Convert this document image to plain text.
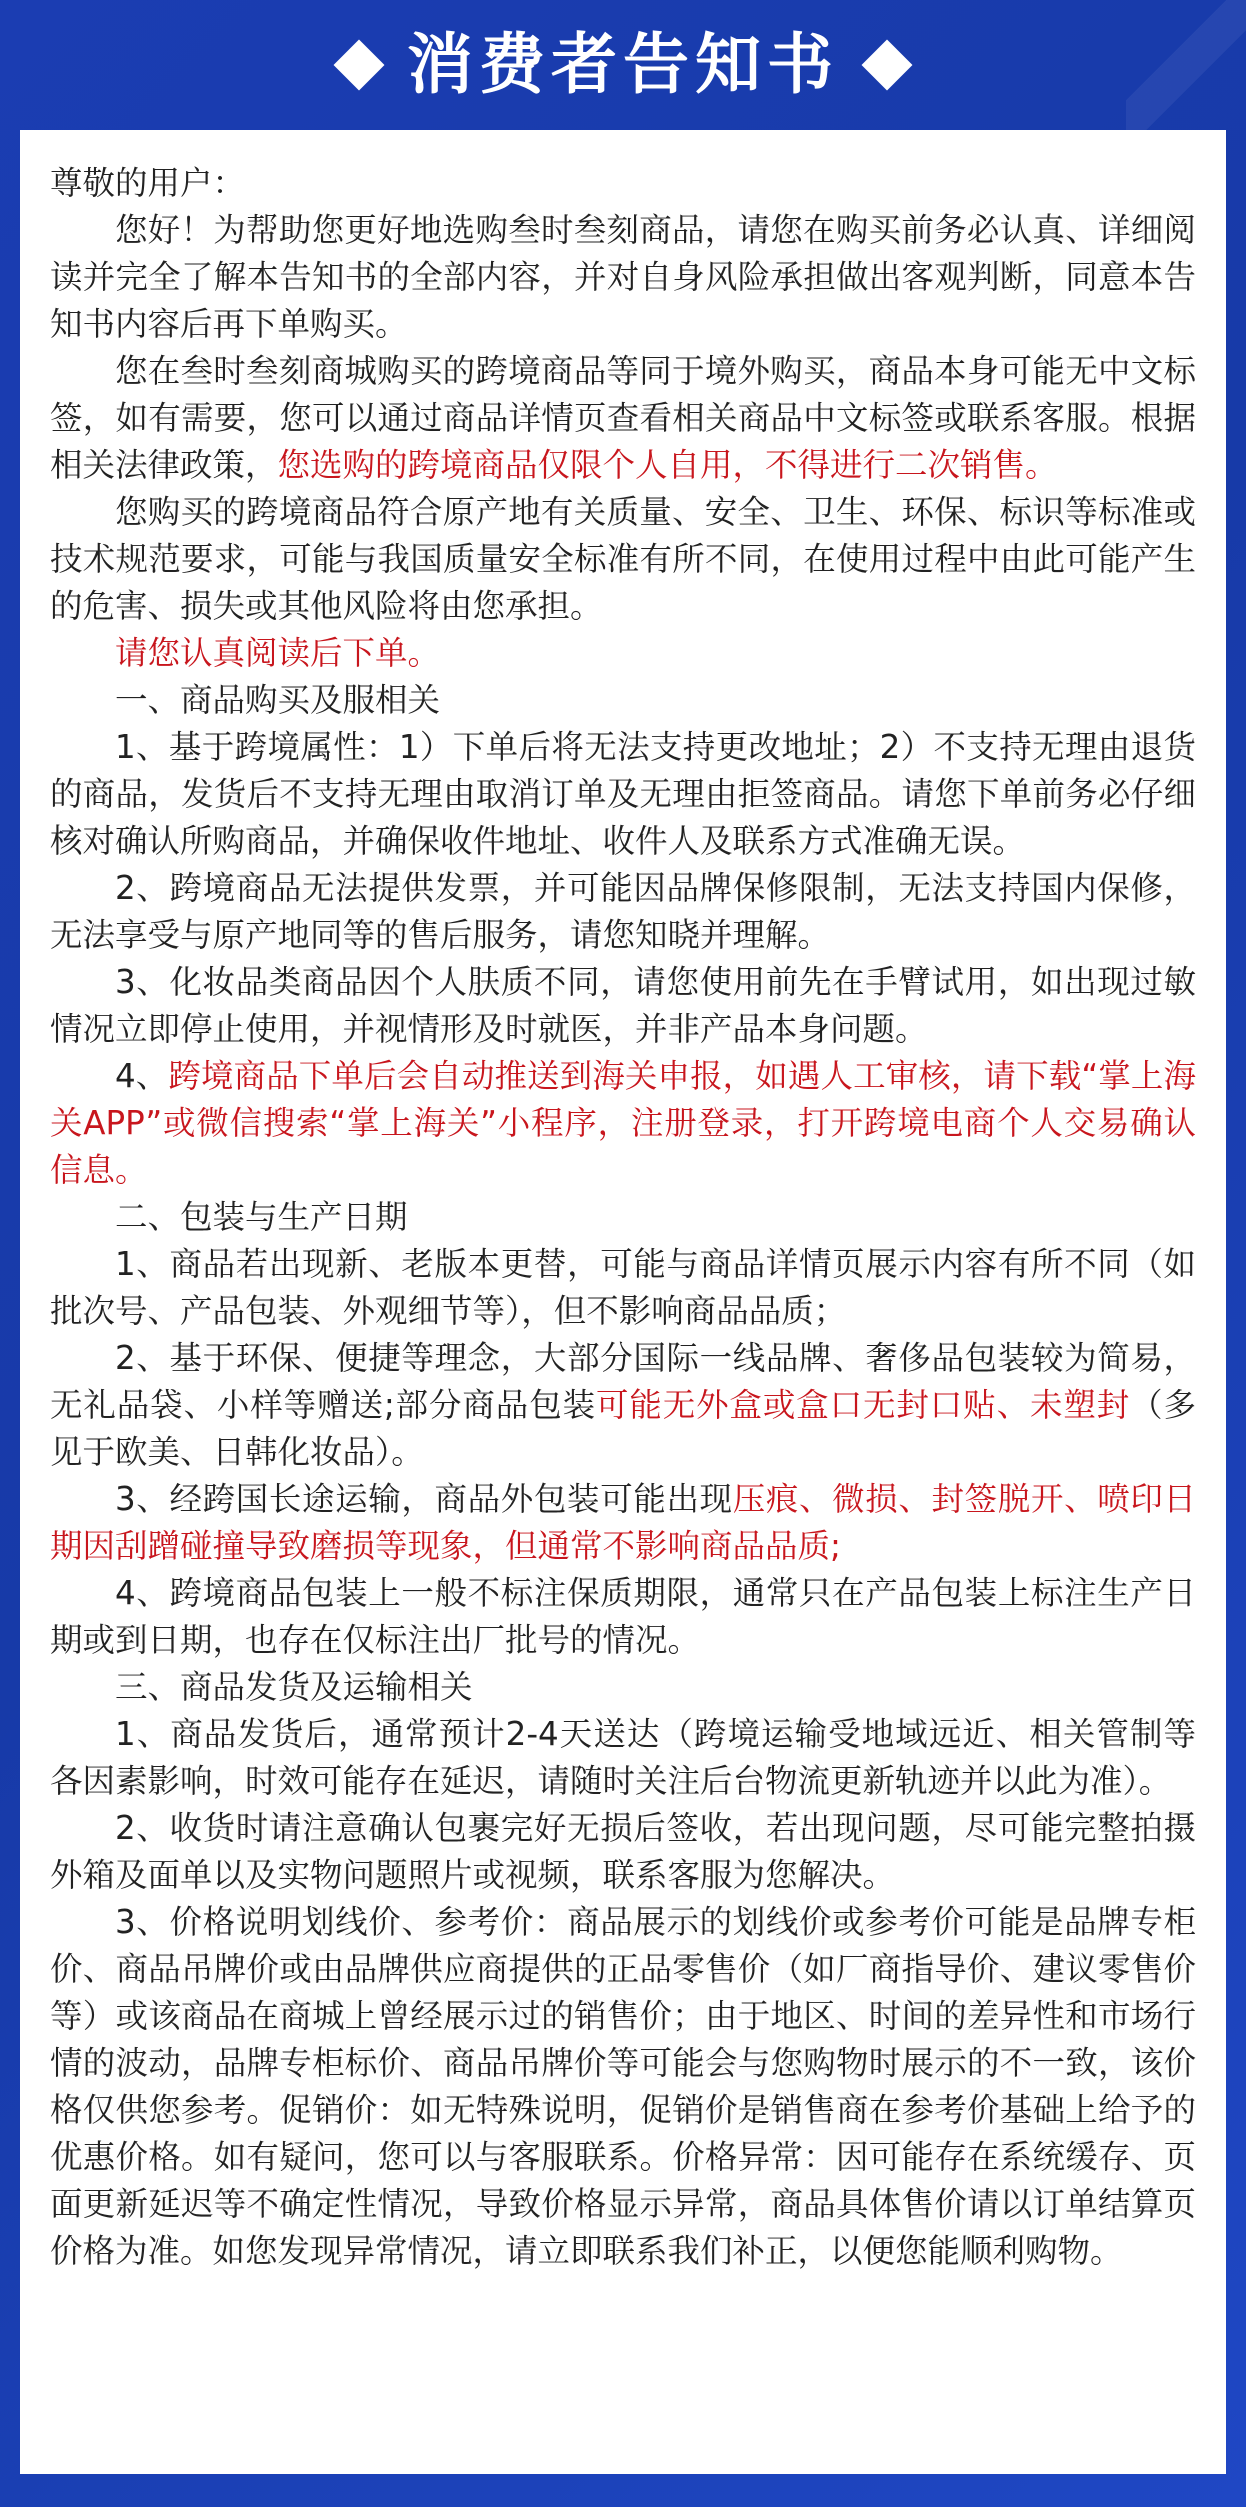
消费者告知书

尊敬的用户：

您好！为帮助您更好地选购叁时叁刻商品，请您在购买前务必认真、详细阅读并完全了解本告知书的全部内容，并对自身风险承担做出客观判断，同意本告知书内容后再下单购买。

您在叁时叁刻商城购买的跨境商品等同于境外购买，商品本身可能无中文标签，如有需要，您可以通过商品详情页查看相关商品中文标签或联系客服。根据相关法律政策，您选购的跨境商品仅限个人自用，不得进行二次销售。

您购买的跨境商品符合原产地有关质量、安全、卫生、环保、标识等标准或技术规范要求，可能与我国质量安全标准有所不同，在使用过程中由此可能产生的危害、损失或其他风险将由您承担。

请您认真阅读后下单。

一、商品购买及服相关

1、基于跨境属性：1）下单后将无法支持更改地址；2）不支持无理由退货的商品，发货后不支持无理由取消订单及无理由拒签商品。请您下单前务必仔细核对确认所购商品，并确保收件地址、收件人及联系方式准确无误。

2、跨境商品无法提供发票，并可能因品牌保修限制，无法支持国内保修，无法享受与原产地同等的售后服务，请您知晓并理解。

3、化妆品类商品因个人肤质不同，请您使用前先在手臂试用，如出现过敏情况立即停止使用，并视情形及时就医，并非产品本身问题。

4、跨境商品下单后会自动推送到海关申报，如遇人工审核，请下载“掌上海关APP”或微信搜索“掌上海关”小程序，注册登录，打开跨境电商个人交易确认信息。

二、包装与生产日期

1、商品若出现新、老版本更替，可能与商品详情页展示内容有所不同（如批次号、产品包装、外观细节等），但不影响商品品质；

2、基于环保、便捷等理念，大部分国际一线品牌、奢侈品包装较为简易，无礼品袋、小样等赠送;部分商品包装可能无外盒或盒口无封口贴、未塑封（多见于欧美、日韩化妆品）。

3、经跨国长途运输，商品外包装可能出现压痕、微损、封签脱开、喷印日期因刮蹭碰撞导致磨损等现象，但通常不影响商品品质;

4、跨境商品包装上一般不标注保质期限，通常只在产品包装上标注生产日期或到日期，也存在仅标注出厂批号的情况。

三、商品发货及运输相关

1、商品发货后，通常预计2-4天送达（跨境运输受地域远近、相关管制等各因素影响，时效可能存在延迟，请随时关注后台物流更新轨迹并以此为准）。

2、收货时请注意确认包裹完好无损后签收，若出现问题，尽可能完整拍摄外箱及面单以及实物问题照片或视频，联系客服为您解决。

3、价格说明划线价、参考价：商品展示的划线价或参考价可能是品牌专柜价、商品吊牌价或由品牌供应商提供的正品零售价（如厂商指导价、建议零售价等）或该商品在商城上曾经展示过的销售价；由于地区、时间的差异性和市场行情的波动，品牌专柜标价、商品吊牌价等可能会与您购物时展示的不一致，该价格仅供您参考。促销价：如无特殊说明，促销价是销售商在参考价基础上给予的优惠价格。如有疑问，您可以与客服联系。价格异常：因可能存在系统缓存、页面更新延迟等不确定性情况，导致价格显示异常，商品具体售价请以订单结算页价格为准。如您发现异常情况，请立即联系我们补正，以便您能顺利购物。
